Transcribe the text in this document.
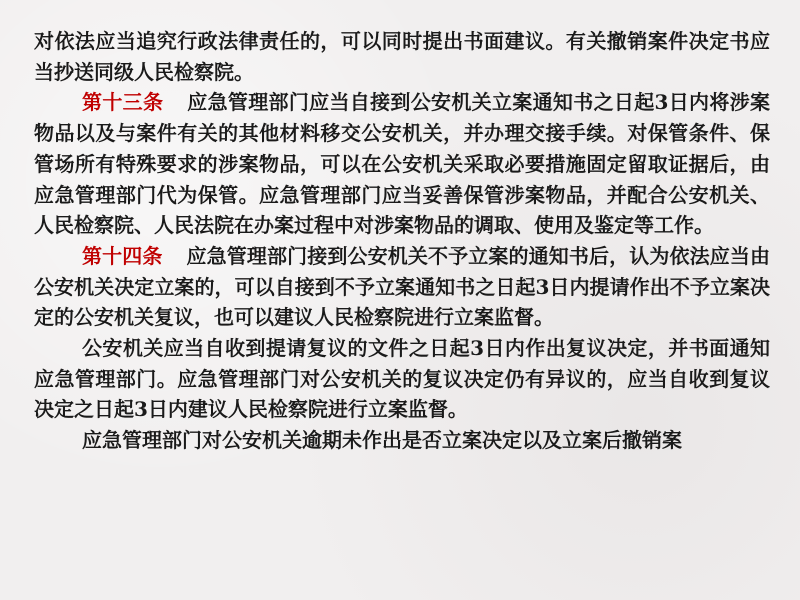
对依法应当追究行政法律责任的，可以同时提出书面建议。有关撤销案件决定书应当抄送同级人民检察院。

第十三条 应急管理部门应当自接到公安机关立案通知书之日起3日内将涉案物品以及与案件有关的其他材料移交公安机关，并办理交接手续。对保管条件、保管场所有特殊要求的涉案物品，可以在公安机关采取必要措施固定留取证据后，由应急管理部门代为保管。应急管理部门应当妥善保管涉案物品，并配合公安机关、人民检察院、人民法院在办案过程中对涉案物品的调取、使用及鉴定等工作。

第十四条 应急管理部门接到公安机关不予立案的通知书后，认为依法应当由公安机关决定立案的，可以自接到不予立案通知书之日起3日内提请作出不予立案决定的公安机关复议，也可以建议人民检察院进行立案监督。

公安机关应当自收到提请复议的文件之日起3日内作出复议决定，并书面通知应急管理部门。应急管理部门对公安机关的复议决定仍有异议的，应当自收到复议决定之日起3日内建议人民检察院进行立案监督。

应急管理部门对公安机关逾期未作出是否立案决定以及立案后撤销案
